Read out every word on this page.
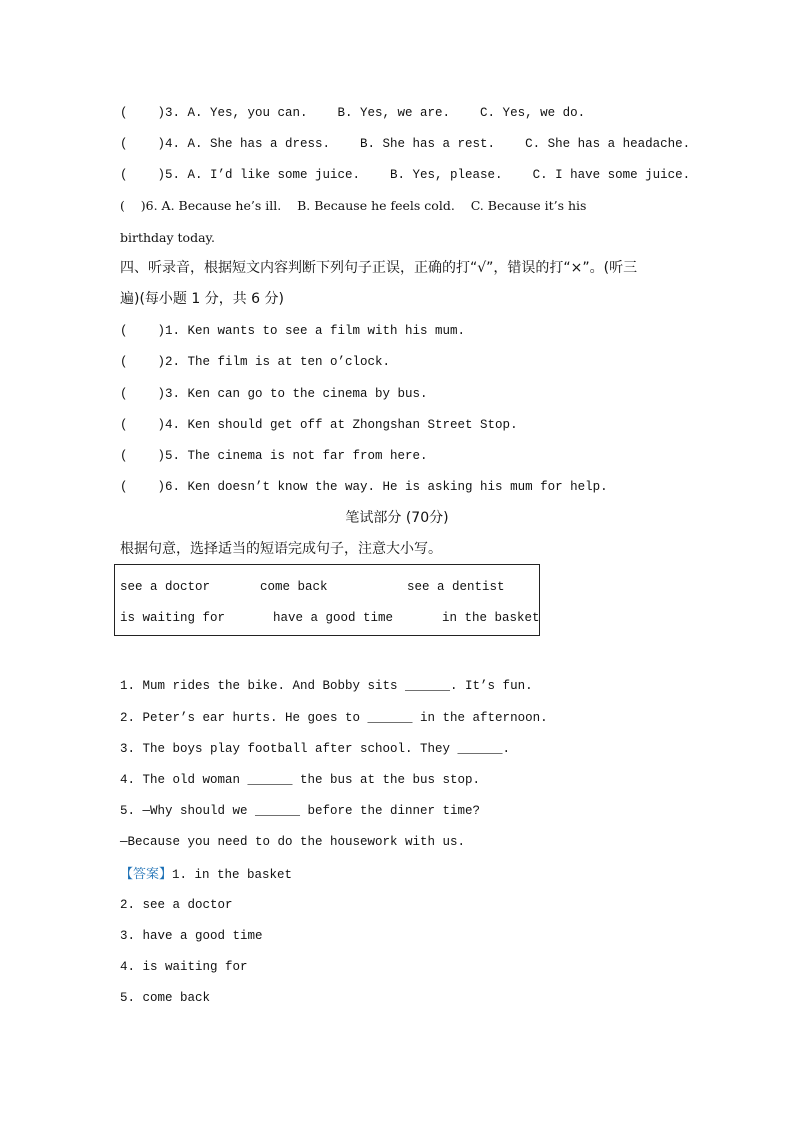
(    )3. A. Yes, you can.    B. Yes, we are.    C. Yes, we do.
(    )4. A. She has a dress.    B. She has a rest.    C. She has a headache.
(    )5. A. I’d like some juice.    B. Yes, please.    C. I have some juice.
(    )6. A. Because he’s ill.    B. Because he feels cold.    C. Because it’s his
birthday today.
四、听录音，根据短文内容判断下列句子正误，正确的打“√”，错误的打“×”。(听三
遍)(每小题 1 分，共 6 分)
(    )1. Ken wants to see a film with his mum.
(    )2. The film is at ten o’clock.
(    )3. Ken can go to the cinema by bus.
(    )4. Ken should get off at Zhongshan Street Stop.
(    )5. The cinema is not far from here.
(    )6. Ken doesn’t know the way. He is asking his mum for help.
笔试部分 (70分)
根据句意，选择适当的短语完成句子，注意大小写。
see a doctor	come back	see a dentist
is waiting for	have a good time	in the basket
1. Mum rides the bike. And Bobby sits ______. It’s fun.
2. Peter’s ear hurts. He goes to ______ in the afternoon.
3. The boys play football after school. They ______.
4. The old woman ______ the bus at the bus stop.
5. —Why should we ______ before the dinner time?
—Because you need to do the housework with us.
【答案】1. in the basket
2. see a doctor
3. have a good time
4. is waiting for
5. come back
